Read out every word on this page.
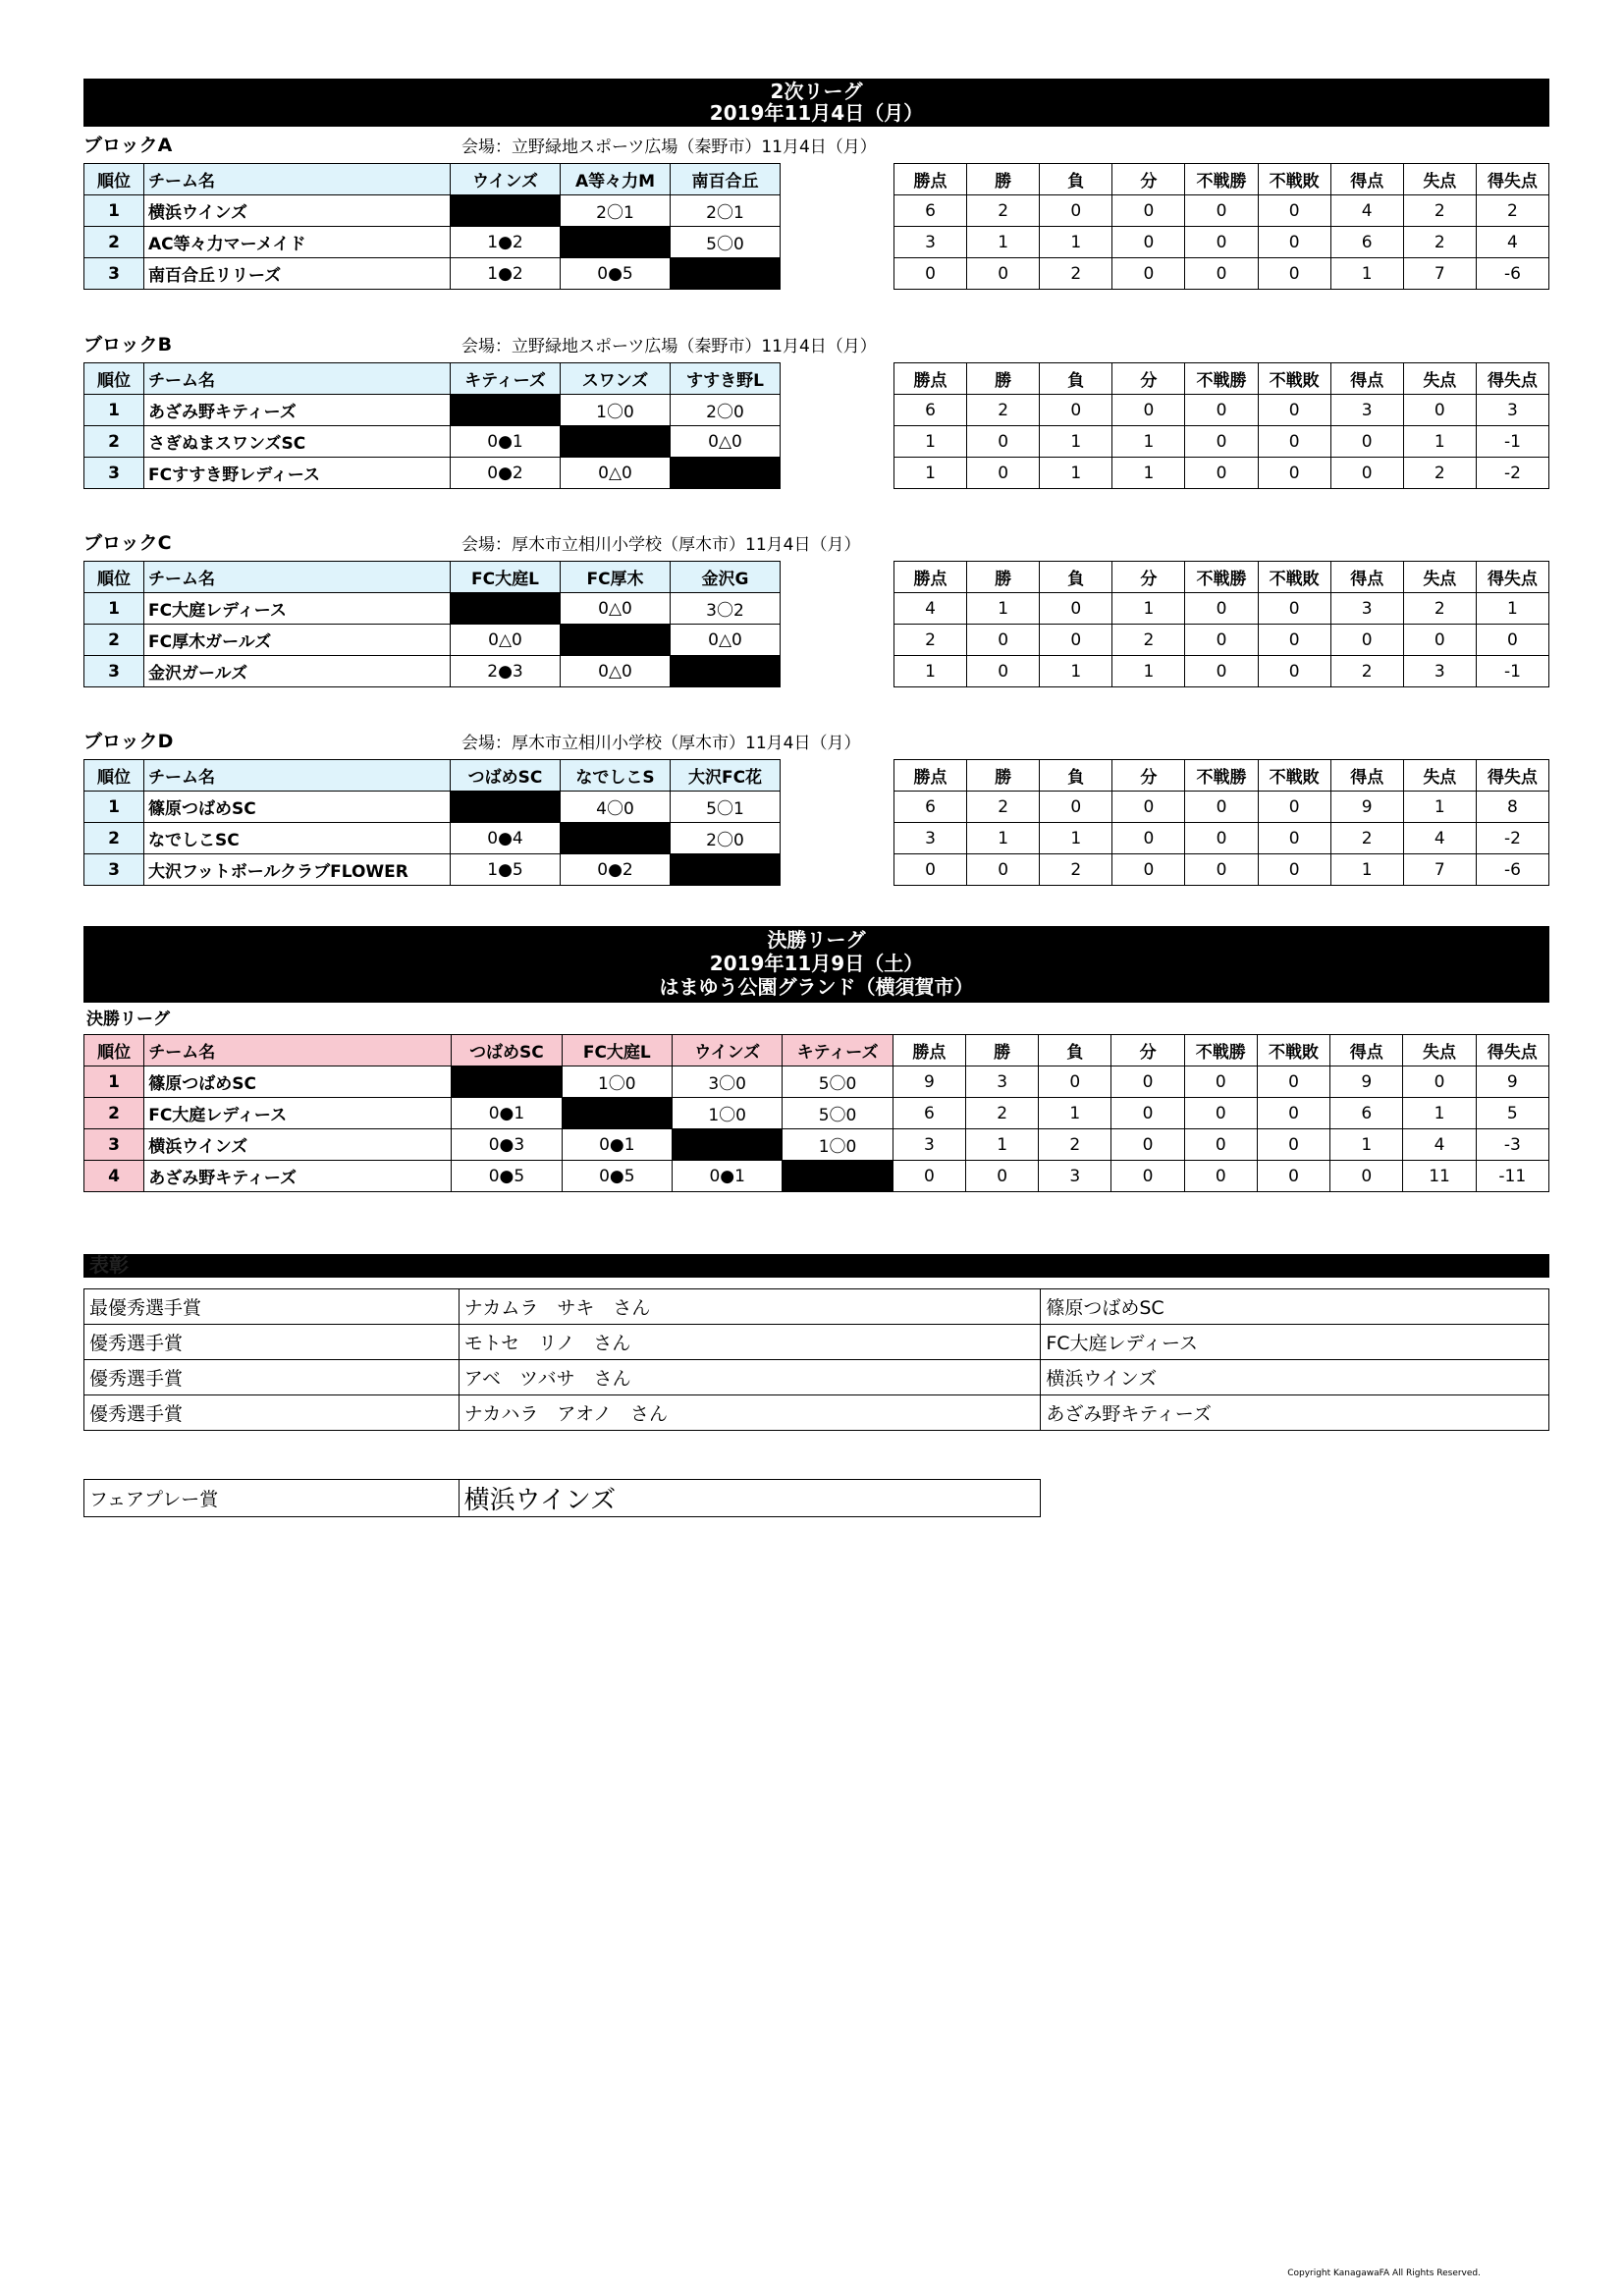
2次リーグ
2019年11月4日（月）
ブロックA	会場：立野緑地スポーツ広場（秦野市）11月4日（月）
順位	チーム名	ウインズ	A等々力M	南百合丘
1	横浜ウインズ		2〇1	2〇1
2	AC等々力マーメイド	1●2		5〇0
3	南百合丘リリーズ	1●2	0●5	
勝点	勝	負	分	不戦勝	不戦敗	得点	失点	得失点
6	2	0	0	0	0	4	2	2
3	1	1	0	0	0	6	2	4
0	0	2	0	0	0	1	7	-6
ブロックB	会場：立野緑地スポーツ広場（秦野市）11月4日（月）
順位	チーム名	キティーズ	スワンズ	すすき野L
1	あざみ野キティーズ		1〇0	2〇0
2	さぎぬまスワンズSC	0●1		0△0
3	FCすすき野レディース	0●2	0△0	
勝点	勝	負	分	不戦勝	不戦敗	得点	失点	得失点
6	2	0	0	0	0	3	0	3
1	0	1	1	0	0	0	1	-1
1	0	1	1	0	0	0	2	-2
ブロックC	会場：厚木市立相川小学校（厚木市）11月4日（月）
順位	チーム名	FC大庭L	FC厚木	金沢G
1	FC大庭レディース		0△0	3〇2
2	FC厚木ガールズ	0△0		0△0
3	金沢ガールズ	2●3	0△0	
勝点	勝	負	分	不戦勝	不戦敗	得点	失点	得失点
4	1	0	1	0	0	3	2	1
2	0	0	2	0	0	0	0	0
1	0	1	1	0	0	2	3	-1
ブロックD	会場：厚木市立相川小学校（厚木市）11月4日（月）
順位	チーム名	つばめSC	なでしこS	大沢FC花
1	篠原つばめSC		4〇0	5〇1
2	なでしこSC	0●4		2〇0
3	大沢フットボールクラブFLOWER	1●5	0●2	
勝点	勝	負	分	不戦勝	不戦敗	得点	失点	得失点
6	2	0	0	0	0	9	1	8
3	1	1	0	0	0	2	4	-2
0	0	2	0	0	0	1	7	-6
決勝リーグ
2019年11月9日（土）
はまゆう公園グランド（横須賀市）
決勝リーグ
順位	チーム名	つばめSC	FC大庭L	ウインズ	キティーズ	勝点	勝	負	分	不戦勝	不戦敗	得点	失点	得失点
1	篠原つばめSC		1〇0	3〇0	5〇0	9	3	0	0	0	0	9	0	9
2	FC大庭レディース	0●1		1〇0	5〇0	6	2	1	0	0	0	6	1	5
3	横浜ウインズ	0●3	0●1		1〇0	3	1	2	0	0	0	1	4	-3
4	あざみ野キティーズ	0●5	0●5	0●1		0	0	3	0	0	0	0	11	-11
表彰
最優秀選手賞	ナカムラ　サキ　さん	篠原つばめSC
優秀選手賞	モトセ　リノ　さん	FC大庭レディース
優秀選手賞	アベ　ツバサ　さん	横浜ウインズ
優秀選手賞	ナカハラ　アオノ　さん	あざみ野キティーズ
フェアプレー賞	横浜ウインズ
Copyright KanagawaFA All Rights Reserved.
